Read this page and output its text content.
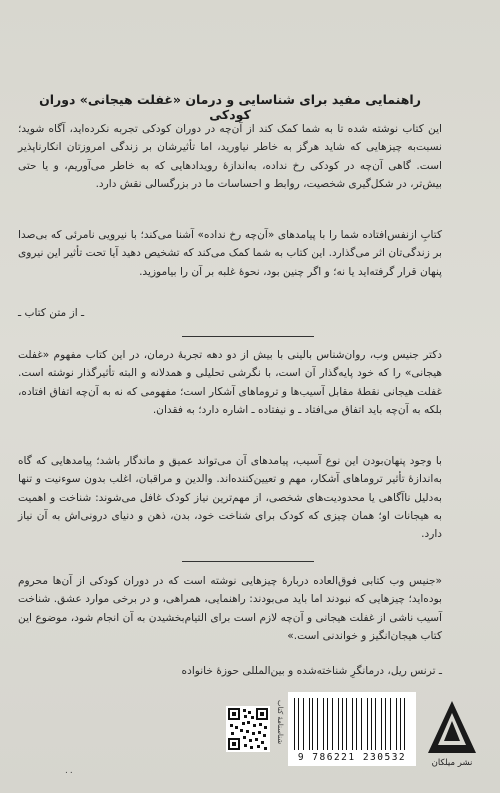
راهنمایی مفید برای شناسایی و درمان «غفلت هیجانی» دوران کودکی
این کتاب نوشته شده تا به شما کمک کند از آن‌چه در دوران کودکی تجربه نکرده‌اید، آگاه شوید؛ نسبت‌به چیزهایی که شاید هرگز به خاطر نیاورید، اما تأثیرشان بر زندگی امروزتان انکارناپذیر است. گاهی آن‌چه در کودکی رخ نداده، به‌اندازهٔ رویدادهایی که به خاطر می‌آوریم، و یا حتی بیش‌تر، در شکل‌گیری شخصیت، روابط و احساسات ما در بزرگسالی نقش دارد.
کتابِ ازنفس‌افتاده شما را با پیامدهای «آن‌چه رخ نداده» آشنا می‌کند؛ با نیرویی نامرئی که بی‌صدا بر زندگی‌تان اثر می‌گذارد. این کتاب به شما کمک می‌کند که تشخیص دهید آیا تحت تأثیر این نیروی پنهان قرار گرفته‌اید یا نه؛ و اگر چنین بود، نحوهٔ غلبه بر آن را بیاموزید.
ـ از متن کتاب ـ
دکتر جنیس وب، روان‌شناس بالینی با بیش از دو دهه تجربهٔ درمان، در این کتاب مفهوم «غفلت هیجانی» را که خود پایه‌گذار آن است، با نگرشی تحلیلی و همدلانه و البته تأثیرگذار نوشته است. غفلت هیجانی نقطهٔ مقابل آسیب‌ها و تروماهای آشکار است؛ مفهومی که نه به آن‌چه اتفاق افتاده، بلکه به آن‌چه باید اتفاق می‌افتاد ـ و نیفتاده ـ اشاره دارد؛ به فقدان.
با وجود پنهان‌بودن این نوع آسیب، پیامدهای آن می‌تواند عمیق و ماندگار باشد؛ پیامدهایی که گاه به‌اندازهٔ تأثیر تروماهای آشکار، مهم و تعیین‌کننده‌اند. والدین و مراقبان، اغلب بدون سوءنیت و تنها به‌دلیل ناآگاهی یا محدودیت‌های شخصی، از مهم‌ترین نیاز کودک غافل می‌شوند: شناخت و اهمیت به هیجانات او؛ همان چیزی که کودک برای شناخت خود، بدن، ذهن و دنیای درونی‌اش به آن نیاز دارد.
«جنیس وب کتابی فوق‌العاده دربارهٔ چیزهایی نوشته است که در دوران کودکی از آن‌ها محروم بوده‌اید؛ چیزهایی که نبودند اما باید می‌بودند: راهنمایی، همراهی، و در برخی موارد عشق. شناخت آسیب ناشی از غفلت هیجانی و آن‌چه لازم است برای التیام‌بخشیدن به آن انجام شود، موضوع این کتاب هیجان‌انگیز و خواندنی است.»
ـ ترنس ریل، درمانگرِ شناخته‌شده و بین‌المللی حوزهٔ خانواده
شناسنامهٔ کتاب
9 786221 230532	نشر میلکان
۰۰
